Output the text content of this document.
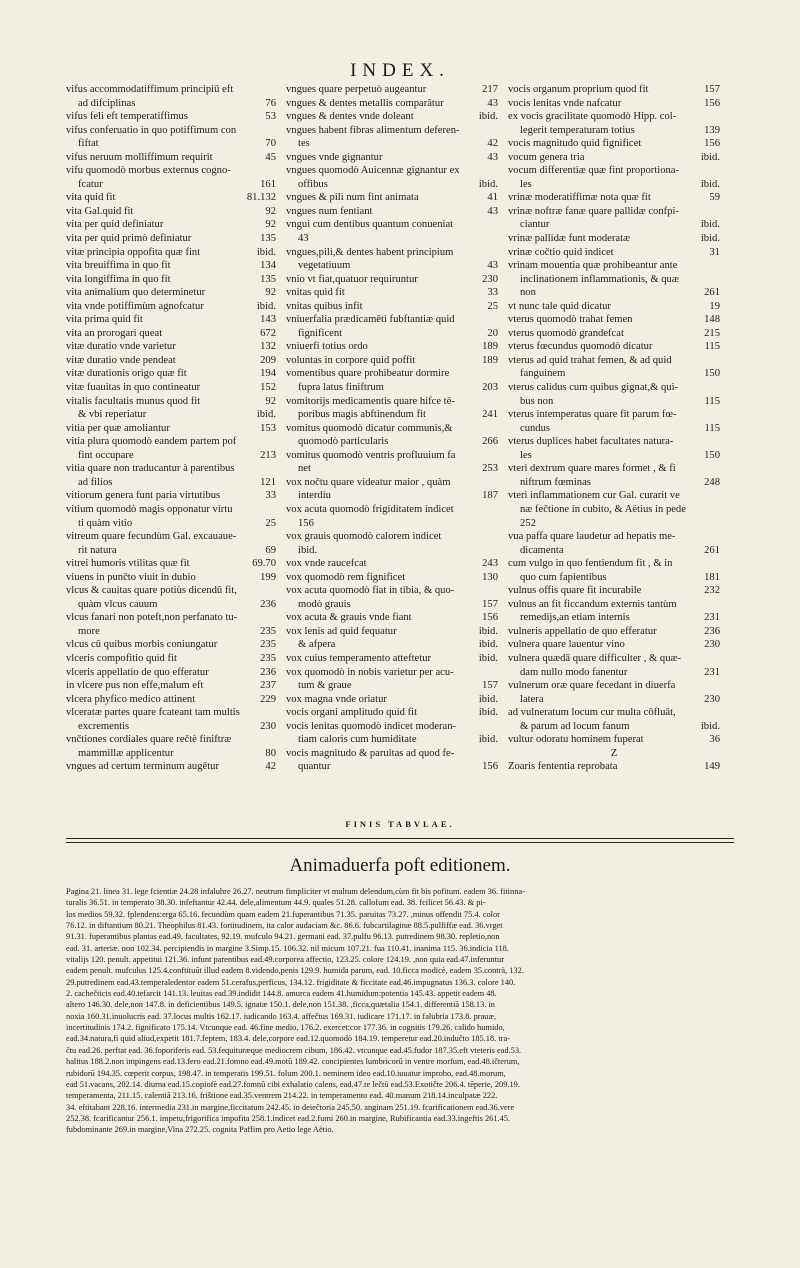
INDEX.
vifus accommodatiffimum principiū eft
ad difciplinas	76
vifus feli eft temperatiffimus	53
vifus conferuatio in quo potiffimum con
fiftat	70
vifus neruum molliffimum requirit	45
vifu quomodò morbus externus cogno-
fcatur	161
vita quid fit	81.132
vita Gal.quid fit	92
vita per quid definiatur	92
vita per quid primò definiatur	135
vitæ principia oppofita quæ fint	ibid.
vita breuiffima in quo fit	134
vita longiffima in quo fit	135
vita animalium quo determinetur	92
vita vnde potiffimùm agnofcatur	ibid.
vita prima quid fit	143
vita an prorogari queat	672
vitæ duratio vnde varietur	132
vitæ duratio vnde pendeat	209
vitæ durationis origo quæ fit	194
vitæ fuauitas in quo contineatur	152
vitalis facultatis munus quod fit	92
& vbi reperiatur	ibid.
vitia per quæ amoliantur	153
vitia plura quomodò eandem partem pof
fint occupare	213
vitia quare non traducantur à parentibus
ad filios	121
vitiorum genera funt paria virtutibus	33
vitium quomodò magis opponatur virtu
ti quàm vitio	25
vitreum quare fecundùm Gal. excauaue-
rit natura	69
vitrei humoris vtilitas quæ fit	69.70
viuens in punčto viuit in dubio	199
vlcus & cauitas quare potiùs dicendū fit,
quàm vlcus cauum	236
vlcus fanari non poteft,non perfanato tu-
more	235
vlcus cū quibus morbis coniungatur	235
vlceris compofitio quid fit	235
vlceris appellatio de quo efferatur	236
in vlcere pus non effe,malum eft	237
vlcera phyfico medico attinent	229
vlceratæ partes quare fcateant tam multis
excrementis	230
vnčtiones cordiales quare rečtè finiftræ
mammillæ applicentur	80
vngues ad certum terminum augētur	42
vngues quare perpetuò augeantur	217
vngues & dentes metallis comparātur	43
vngues & dentes vnde doleant	ibid.
vngues habent fibras alimentum deferen-
tes	42
vngues vnde gignantur	43
vngues quomodò Auicennæ gignantur ex
offibus	ibid.
vngues & pili num fint animata	41
vngues num fentiant	43
vngui cum dentibus quantum conueniat
43
vngues,pili,& dentes habent principium
vegetatiuum	43
vnio vt fiat,quatuor requiruntur	230
vnitas quid fit	33
vnitas quibus infit	25
vniuerfalia prædicamēti fubftantiæ quid
fignificent	20
vniuerfi totius ordo	189
voluntas in corpore quid poffit	189
vomentibus quare prohibeatur dormire
fupra latus finiftrum	203
vomitorijs medicamentis quare hifce tē-
poribus magis abftinendum fit	241
vomitus quomodò dicatur communis,&
quomodò particularis	266
vomitus quomodò ventris profluuium fa
net	253
vox nočtu quare videatur maior , quàm
interdiu	187
vox acuta quomodò frigiditatem indicet
156
vox grauis quomodò calorem indicet
ibid.
vox vnde raucefcat	243
vox quomodò rem fignificet	130
vox acuta quomodò fiat in tibia, & quo-
modò grauis	157
vox acuta & grauis vnde fiant	156
vox lenis ad quid fequatur	ibid.
& afpera	ibid.
vox cuius temperamento atteftetur	ibid.
vox quomodò in nobis varietur per acu-
tum & graue	157
vox magna vnde oriatur	ibid.
vocis organi amplitudo quid fit	ibid.
vocis lenitas quomodò indicet moderan-
tiam caloris cum humiditate	ibid.
vocis magnitudo & paruitas ad quod fe-
quantur	156
vocis organum proprium quod fit	157
vocis lenitas vnde nafcatur	156
ex vocis gracilitate quomodò Hipp. col-
legerit temperaturam totius	139
vocis magnitudo quid fignificet	156
vocum genera tria	ibid.
vocum differentiæ quæ fint proportiona-
les	ibid.
vrinæ moderatiffimæ nota quæ fit	59
vrinæ noftræ fanæ quare pallidæ confpi-
ciantur	ibid.
vrinæ pallidæ funt moderatæ	ibid.
vrinæ cočtio quid indicet	31
vrinam mouentia quæ prohibeantur ante
inclinationem inflammationis, & quæ
non	261
vt nunc tale quid dicatur	19
vterus quomodò trahat femen	148
vterus quomodò grandefcat	215
vterus fœcundus quomodò dicatur	115
vterus ad quid trahat femen, & ad quid
fanguinem	150
vterus calidus cum quibus gignat,& qui-
bus non	115
vterus intemperatus quare fit parum fœ-
cundus	115
vterus duplices habet facultates natura-
les	150
vteri dextrum quare mares formet , & fi
niftrum fœminas	248
vteri inflammationem cur Gal. curarit ve
næ fečtione in cubito, & Aëtius in pede
252
vua paffa quare laudetur ad hepatis me-
dicamenta	261
cum vulgo in quo fentiendum fit , & in
quo cum fapientibus	181
vulnus offis quare fit incurabile	232
vulnus an fit ficcandum externis tantùm
remedijs,an etiam internis	231
vulneris appellatio de quo efferatur	236
vulnera quare lauentur vino	230
vulnera quædā quare difficulter , & quæ-
dam nullo modo fanentur	231
vulnerum oræ quare fecedant in diuerfa
latera	230
ad vulneratum locum cur multa cōfluāt,
& parum ad locum fanum	ibid.
vultur odoratu hominem fuperat	36
Z
Zoaris fententia reprobata	149
FINIS TABVLAE.
Animaduerfa poft editionem.
Pagina 21. linea 31. lege fcientiæ 24.28 infalubre 26.27. neutrum fimpliciter vt multum delendum,cùm fit bis pofitum. eadem 36. fitinna-
turalis 36.51. in temperato 38.30. infeftantur 42.44. dele,alimentum 44.9. quales 51.28. callofum ead. 38. fcilicet 56.43. & pi-
los medios 59.32. fplendens:erga 65.16. fecundùm quam eadem 21.fuperantibus 71.35. paruitas 73.27. ,minus offendit 75.4. color
76.12. in diftantium 80.21. Theophilus 81.43. fortitudinem, ita calor audaciam &c. 86.6. fubcartilaginæ 88.5.pulfiffæ ead. 36.vrget
91.31. fuperantibus plantas ead.49. facultates, 92.19. mufculo 94.21. germani ead. 37.pulfu 96.13. putredinem 98.30. repletio,non
ead. 31. arteriæ. non 102.34. percipiendis in margine 3.Simp.15. 106.32. nil micum 107.21. fua 110.41. inanima 115. 36.indicia 118.
vitalijs 120. penult. appetitui 121.36. infunt parentibus ead.49.corporea affectio, 123.25. colore 124.19. ,non quia ead.47.inferuntur
eadem penult. mufculus 125.4.conftituūt illud eadem 8.videndo,penis 129.9. humida parum, ead. 10.ficca modicè, eadem 35.contrà, 132.
29.putredinem ead.43.temperaledentor eadem 51.cerafus,perficus, 134.12. frigiditate & ficcitate ead.46.impugnatus 136.3. colore 140.
2. cachečticis ead.40.tefarcit 141.13. leuitas ead.39.indidit 144.8. amurca eadem 41.humidum:potentia 145.43. appetit eadem 48.
altero 146.30. dele,non 147.8. in deficientibus 149.5. ignatæ 150.1. dele,non 151.38. ,ficca,quætalia 154.1. differentiā 158.13. in
noxia 160.31.inuolucris ead. 37.locus multis 162.17. iudicando 163.4. affečtus 169.31. iudicare 171.17. in falubria 173.8. prauæ,
incertitudinis 174.2. fignificato 175.14. Vtcunque ead. 46.fine medio, 176.2. exercet:cor 177.36. in cognitis 179.26. calido humido,
ead.34.natura,fi quid aliud,expetit 181.7.feptem, 183.4. dele,corpore ead.12.quomodò 184.19. temperetur ead.20.indučto 185.18. tra-
čtu ead.26. perftat ead. 36.foporiferis ead. 53.fequituræque mediocrem cibum, 186.42. vtcunque ead.45.fudor 187.35.eft vteteris ead.53.
halitus 188.2.non impingens ead.13.fero ead.21.fomno ead.49.motū 189.42. concipientes lumbricorū in ventre morfum, ead.48.ičterum,
rubidorū 194.35. cœperit corpus, 198.47. in temperatis 199.51. folum 200.1. neminem ideo ead.10.iuuatur improbo, ead.48.morum,
ead 51.vacans, 202.14. diurna ead.15.copiofè ead.27.fomnū cibi exhalatio calens, ead.47.te lečtū ead.53.Exotičte 206.4. tēperie, 209.19.
temperamenta, 211.15. calentiā 213.16. frištione ead.35.ventrem 214.22. in temperamento ead. 40.manum 218.14.inculpatæ 222.
34. eftitabant 228.16. intermedia 231.in margine,ficcitatum 242.45. in deiečtoria 245.50. anginam 251.19. fcarificationem ead.36.vere
252.38. fcarificantur 256.1. impetu,frigorifica impofita 258.1.indicet ead.2.fumi 260.in margine, Rubificantia ead.33.ingeftis 261.45.
fubdominante 269.in margine,Vina 272.25. cognita Paffim pro Aetio lege Aëtio.
